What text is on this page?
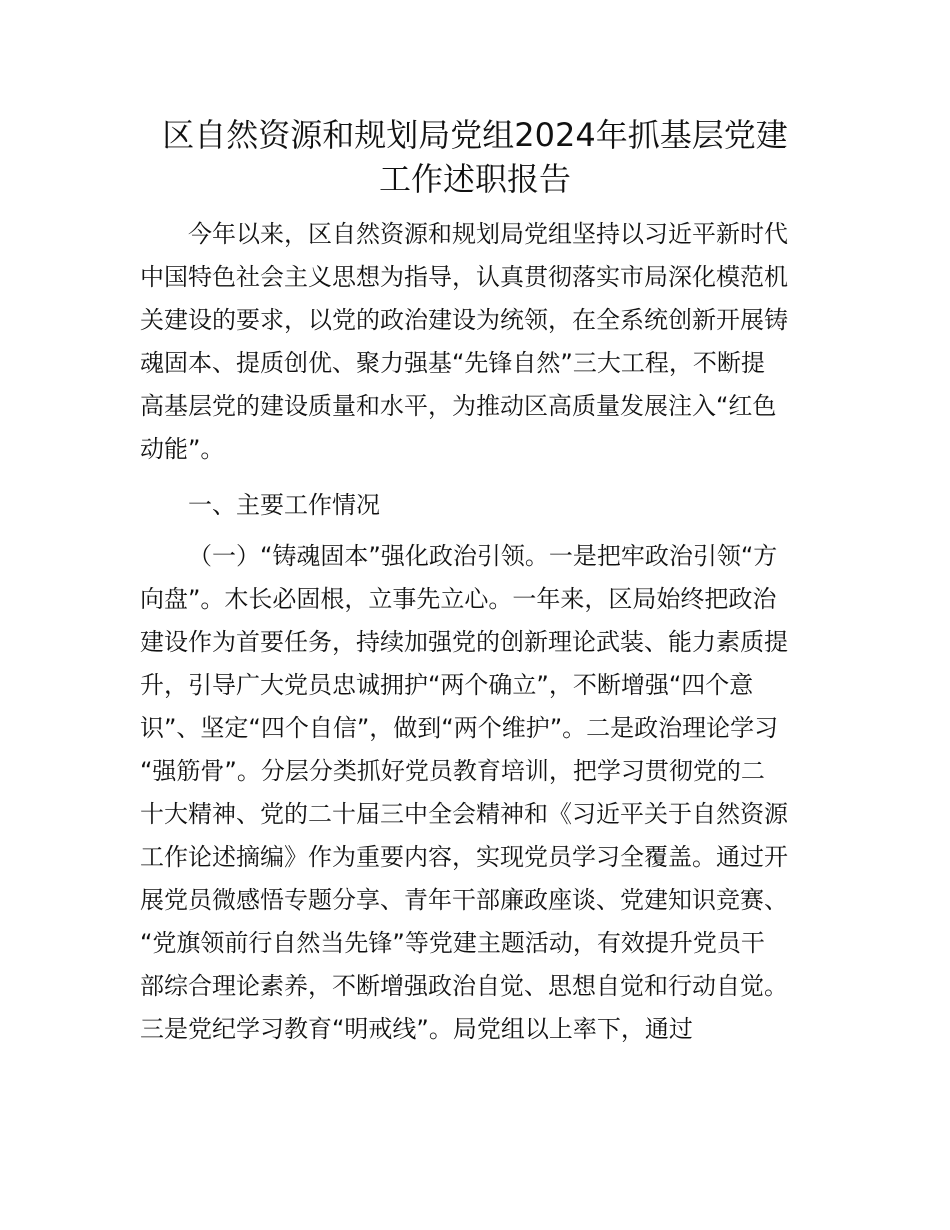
区自然资源和规划局党组2024年抓基层党建
工作述职报告

今年以来，区自然资源和规划局党组坚持以习近平新时代

中国特色社会主义思想为指导，认真贯彻落实市局深化模范机

关建设的要求，以党的政治建设为统领，在全系统创新开展铸

魂固本、提质创优、聚力强基“先锋自然”三大工程，不断提

高基层党的建设质量和水平，为推动区高质量发展注入“红色

动能”。

一、主要工作情况

（一）“铸魂固本”强化政治引领。一是把牢政治引领“方

向盘”。木长必固根，立事先立心。一年来，区局始终把政治

建设作为首要任务，持续加强党的创新理论武装、能力素质提

升，引导广大党员忠诚拥护“两个确立”，不断增强“四个意

识”、坚定“四个自信”，做到“两个维护”。二是政治理论学习

“强筋骨”。分层分类抓好党员教育培训，把学习贯彻党的二

十大精神、党的二十届三中全会精神和《习近平关于自然资源

工作论述摘编》作为重要内容，实现党员学习全覆盖。通过开

展党员微感悟专题分享、青年干部廉政座谈、党建知识竞赛、

“党旗领前行自然当先锋”等党建主题活动，有效提升党员干

部综合理论素养，不断增强政治自觉、思想自觉和行动自觉。

三是党纪学习教育“明戒线”。局党组以上率下，通过
